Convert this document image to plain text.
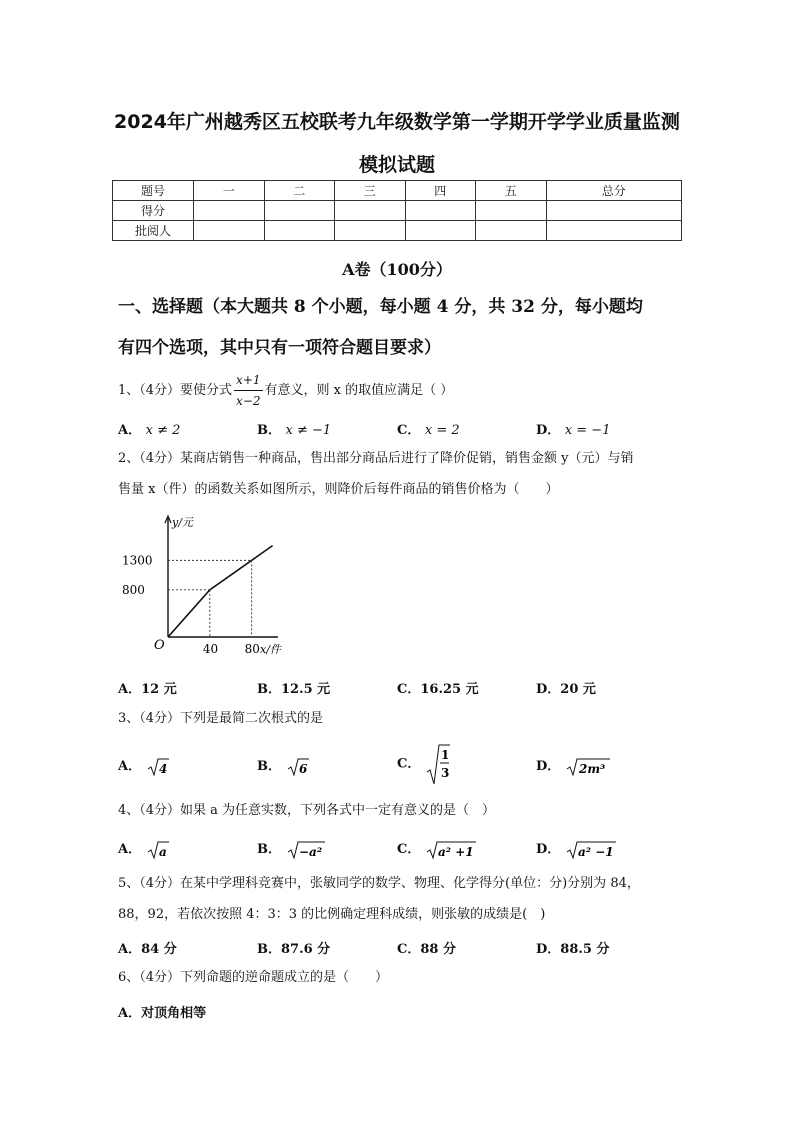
2024年广州越秀区五校联考九年级数学第一学期开学学业质量监测
模拟试题
题号	一	二	三	四	五	总分
得分						
批阅人						
A卷（100分）
一、选择题（本大题共 8 个小题，每小题 4 分，共 32 分，每小题均
有四个选项，其中只有一项符合题目要求）
1、（4分）要使分式 $\frac{x+1}{x-2}$ 有意义，则 x 的取值应满足（ ）
A． x ≠ 2	B． x ≠ −1	C． x = 2	D． x = −1
2、（4分）某商店销售一种商品，售出部分商品后进行了降价促销，销售金额 y（元）与销
售量 x（件）的函数关系如图所示，则降价后每件商品的销售价格为（　　）
40 80
800
1300
O
y/元
x/件
A．12 元	B．12.5 元	C．16.25 元	D．20 元
3、（4分）下列是最简二次根式的是
A． 4	B． 6	C．
1
3	D． 2m³
4、（4分）如果 a 为任意实数，下列各式中一定有意义的是（　）
A． a	B． −a²	C． a² +1	D． a² −1
5、（4分）在某中学理科竞赛中，张敏同学的数学、物理、化学得分(单位：分)分别为 84，
88，92，若依次按照 4：3：3 的比例确定理科成绩，则张敏的成绩是(　)
A．84 分	B．87.6 分	C．88 分	D．88.5 分
6、（4分）下列命题的逆命题成立的是（　　）
A．对顶角相等
